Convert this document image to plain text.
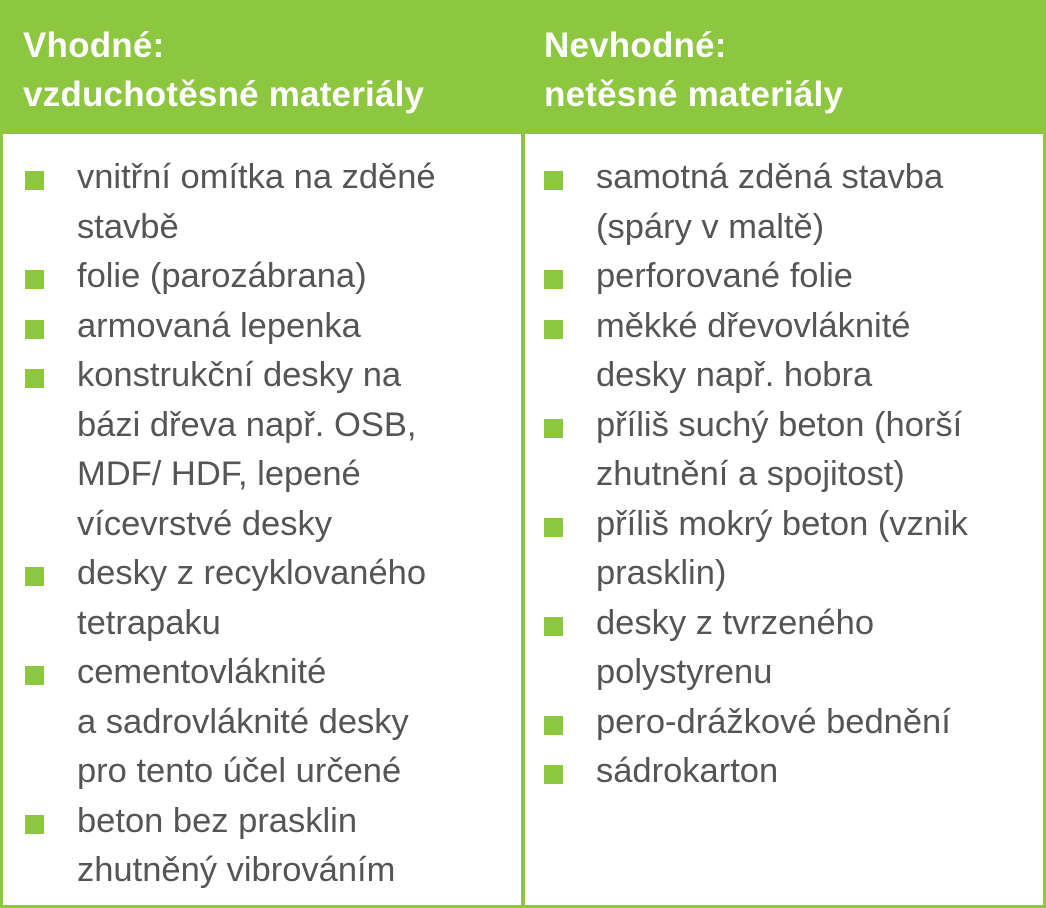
Vhodné:
vzduchotěsné materiály
Nevhodné:
netěsné materiály
vnitřní omítka na zděné
stavbě
folie (parozábrana)
armovaná lepenka
konstrukční desky na
bázi dřeva např. OSB,
MDF/ HDF, lepené
vícevrstvé desky
desky z recyklovaného
tetrapaku
cementovláknité
a sadrovláknité desky
pro tento účel určené
beton bez prasklin
zhutněný vibrováním
samotná zděná stavba
(spáry v maltě)
perforované folie
měkké dřevovláknité
desky např. hobra
příliš suchý beton (horší
zhutnění a spojitost)
příliš mokrý beton (vznik
prasklin)
desky z tvrzeného
polystyrenu
pero-drážkové bednění
sádrokarton
